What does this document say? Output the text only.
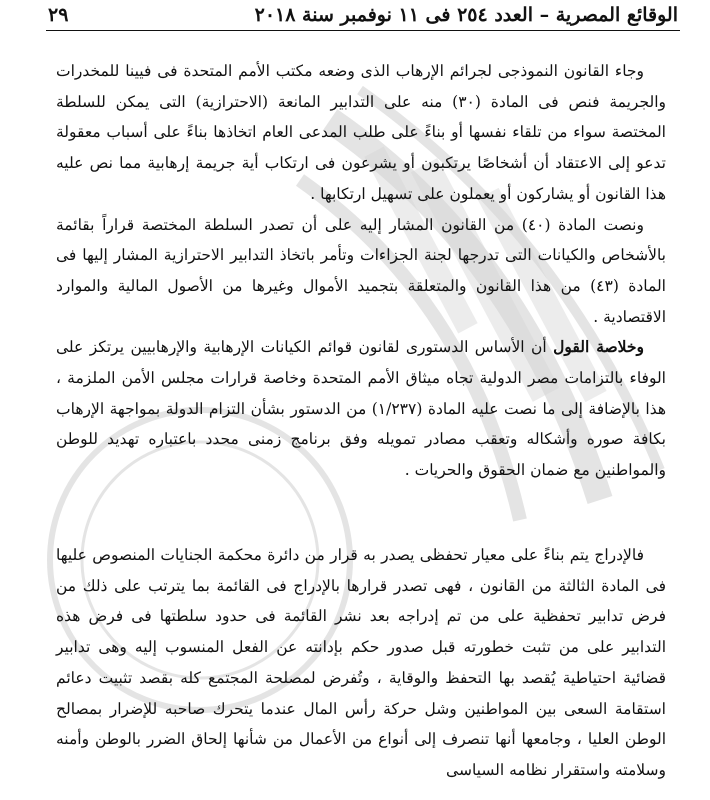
الوقائع المصرية – العدد ٢٥٤ فى ١١ نوفمبر سنة ٢٠١٨
٢٩

وجاء القانون النموذجى لجرائم الإرهاب الذى وضعه مكتب الأمم المتحدة فى فيينا للمخدرات والجريمة فنص فى المادة (٣٠) منه على التدابير المانعة (الاحترازية) التى يمكن للسلطة المختصة سواء من تلقاء نفسها أو بناءً على طلب المدعى العام اتخاذها بناءً على أسباب معقولة تدعو إلى الاعتقاد أن أشخاصًا يرتكبون أو يشرعون فى ارتكاب أية جريمة إرهابية مما نص عليه هذا القانون أو يشاركون أو يعملون على تسهيل ارتكابها .

ونصت المادة (٤٠) من القانون المشار إليه على أن تصدر السلطة المختصة قراراً بقائمة بالأشخاص والكيانات التى تدرجها لجنة الجزاءات وتأمر باتخاذ التدابير الاحترازية المشار إليها فى المادة (٤٣) من هذا القانون والمتعلقة بتجميد الأموال وغيرها من الأصول المالية والموارد الاقتصادية .

وخلاصة القول أن الأساس الدستورى لقانون قوائم الكيانات الإرهابية والإرهابيين يرتكز على الوفاء بالتزامات مصر الدولية تجاه ميثاق الأمم المتحدة وخاصة قرارات مجلس الأمن الملزمة ، هذا بالإضافة إلى ما نصت عليه المادة (١/٢٣٧) من الدستور بشأن التزام الدولة بمواجهة الإرهاب بكافة صوره وأشكاله وتعقب مصادر تمويله وفق برنامج زمنى محدد باعتباره تهديد للوطن والمواطنين مع ضمان الحقوق والحريات .

فالإدراج يتم بناءً على معيار تحفظى يصدر به قرار من دائرة محكمة الجنايات المنصوص عليها فى المادة الثالثة من القانون ، فهى تصدر قرارها بالإدراج فى القائمة بما يترتب على ذلك من فرض تدابير تحفظية على من تم إدراجه بعد نشر القائمة فى حدود سلطتها فى فرض هذه التدابير على من تثبت خطورته قبل صدور حكم بإدانته عن الفعل المنسوب إليه وهى تدابير قضائية احتياطية يُقصد بها التحفظ والوقاية ، وتُفرض لمصلحة المجتمع كله بقصد تثبيت دعائم استقامة السعى بين المواطنين وشل حركة رأس المال عندما يتحرك صاحبه للإضرار بمصالح الوطن العليا ، وجامعها أنها تنصرف إلى أنواع من الأعمال من شأنها إلحاق الضرر بالوطن وأمنه وسلامته واستقرار نظامه السياسى
